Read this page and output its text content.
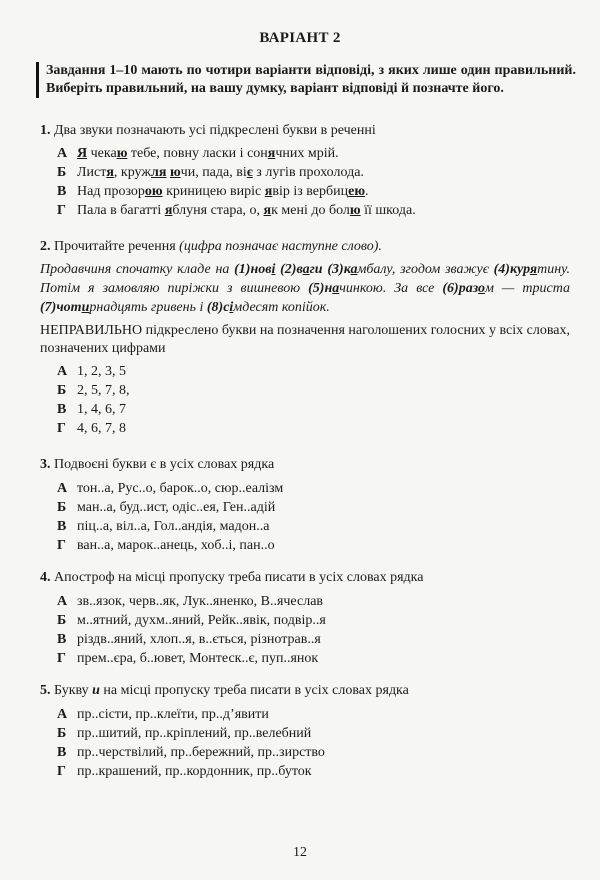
ВАРІАНТ 2
Завдання 1–10 мають по чотири варіанти відповіді, з яких лише один правильний. Виберіть правильний, на вашу думку, варіант відповіді й позначте його.
1. Два звуки позначають усі підкреслені букви в реченні
А Я чекаю тебе, повну ласки і сонячних мрій.
Б Листя, кружля ючи, пада, віє з лугів прохолода.
В Над прозорою криницею виріс явір із вербицею.
Г Пала в багатті яблуня стара, о, як мені до болю її шкода.
2. Прочитайте речення (цифра позначає наступне слово).
Продавчиня спочатку кладе на (1)нові (2)ваги (3)камбалу, згодом зважує (4)курятину. Потім я замовляю пиріжки з вишневою (5)начинкою. За все (6)разом — триста (7)чотирнадцять гривень і (8)сімдесят копійок.
НЕПРАВИЛЬНО підкреслено букви на позначення наголошених голосних у всіх словах, позначених цифрами
А 1, 2, 3, 5
Б 2, 5, 7, 8,
В 1, 4, 6, 7
Г 4, 6, 7, 8
3. Подвоєні букви є в усіх словах рядка
А тон..а, Рус..о, барок..о, сюр..еалізм
Б ман..а, буд..ист, одіс..ея, Ген..адій
В піц..а, віл..а, Гол..андія, мадон..а
Г ван..а, марок..анець, хоб..і, пан..о
4. Апостроф на місці пропуску треба писати в усіх словах рядка
А зв..язок, черв..як, Лук..яненко, В..ячеслав
Б м..ятний, духм..яний, Рейк..явік, подвір..я
В різдв..яний, хлоп..я, в..ється, різнотрав..я
Г прем..єра, б..ювет, Монтеск..є, пуп..янок
5. Букву и на місці пропуску треба писати в усіх словах рядка
А пр..сісти, пр..клеїти, пр..д’явити
Б пр..шитий, пр..кріплений, пр..велебний
В пр..черствілий, пр..бережний, пр..зирство
Г пр..крашений, пр..кордонник, пр..буток
12
